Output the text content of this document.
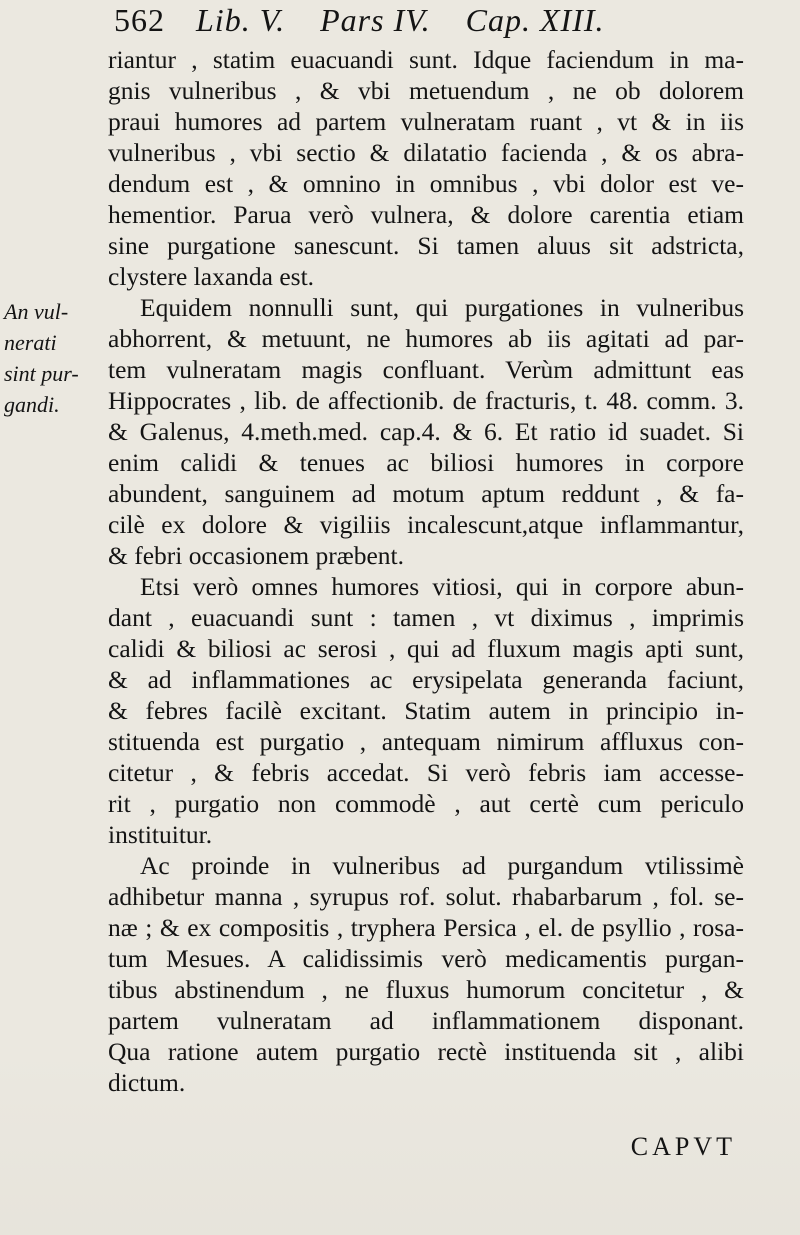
562 Lib. V. Pars IV. Cap. XIII.
An vul-
nerati
sint pur-
gandi.
riantur , statim euacuandi sunt. Idque faciendum in ma-
gnis vulneribus , & vbi metuendum , ne ob dolorem
praui humores ad partem vulneratam ruant , vt & in iis
vulneribus , vbi sectio & dilatatio facienda , & os abra-
dendum est , & omnino in omnibus , vbi dolor est ve-
hementior. Parua verò vulnera, & dolore carentia etiam
sine purgatione sanescunt. Si tamen aluus sit adstricta,
clystere laxanda est.
Equidem nonnulli sunt, qui purgationes in vulneribus
abhorrent, & metuunt, ne humores ab iis agitati ad par-
tem vulneratam magis confluant. Verùm admittunt eas
Hippocrates , lib. de affectionib. de fracturis, t. 48. comm. 3.
& Galenus, 4.meth.med. cap.4. & 6. Et ratio id suadet. Si
enim calidi & tenues ac biliosi humores in corpore
abundent, sanguinem ad motum aptum reddunt , & fa-
cilè ex dolore & vigiliis incalescunt,atque inflammantur,
& febri occasionem præbent.
Etsi verò omnes humores vitiosi, qui in corpore abun-
dant , euacuandi sunt : tamen , vt diximus , imprimis
calidi & biliosi ac serosi , qui ad fluxum magis apti sunt,
& ad inflammationes ac erysipelata generanda faciunt,
& febres facilè excitant. Statim autem in principio in-
stituenda est purgatio , antequam nimirum affluxus con-
citetur , & febris accedat. Si verò febris iam accesse-
rit , purgatio non commodè , aut certè cum periculo
instituitur.
Ac proinde in vulneribus ad purgandum vtilissimè
adhibetur manna , syrupus rof. solut. rhabarbarum , fol. se-
næ ; & ex compositis , tryphera Persica , el. de psyllio , rosa-
tum Mesues. A calidissimis verò medicamentis purgan-
tibus abstinendum , ne fluxus humorum concitetur , &
partem vulneratam ad inflammationem disponant.
Qua ratione autem purgatio rectè instituenda sit , alibi
dictum.
CAPVT
